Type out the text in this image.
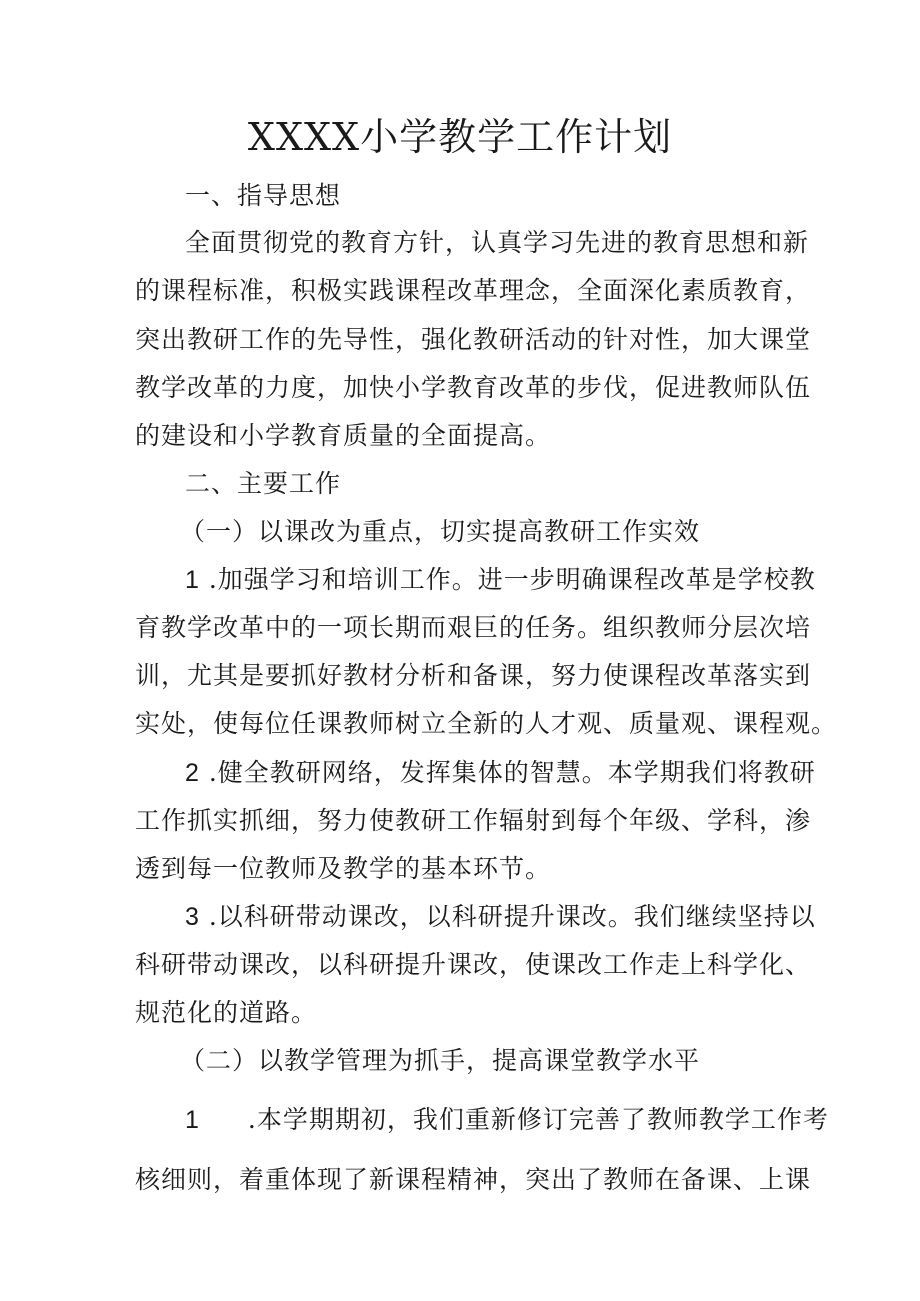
XXXX小学教学工作计划
一、指导思想
全面贯彻党的教育方针，认真学习先进的教育思想和新
的课程标准，积极实践课程改革理念，全面深化素质教育，
突出教研工作的先导性，强化教研活动的针对性，加大课堂
教学改革的力度，加快小学教育改革的步伐，促进教师队伍
的建设和小学教育质量的全面提高。
二、主要工作
（一）以课改为重点，切实提高教研工作实效
1 .加强学习和培训工作。进一步明确课程改革是学校教
育教学改革中的一项长期而艰巨的任务。组织教师分层次培
训，尤其是要抓好教材分析和备课，努力使课程改革落实到
实处，使每位任课教师树立全新的人才观、质量观、课程观。
2 .健全教研网络，发挥集体的智慧。本学期我们将教研
工作抓实抓细，努力使教研工作辐射到每个年级、学科，渗
透到每一位教师及教学的基本环节。
3 .以科研带动课改，以科研提升课改。我们继续坚持以
科研带动课改，以科研提升课改，使课改工作走上科学化、
规范化的道路。
（二）以教学管理为抓手，提高课堂教学水平
1 .本学期期初，我们重新修订完善了教师教学工作考
核细则，着重体现了新课程精神，突出了教师在备课、上课
